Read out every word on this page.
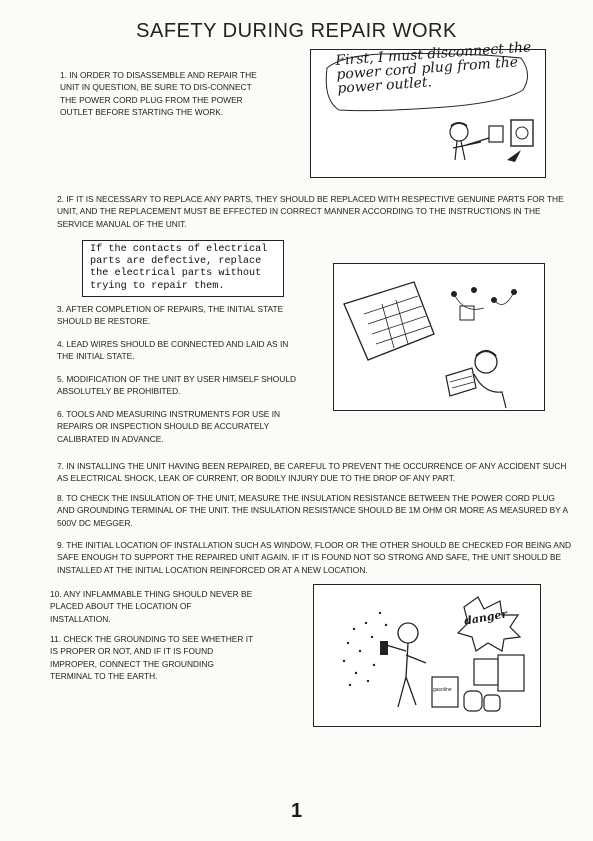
SAFETY DURING REPAIR WORK
1. IN ORDER TO DISASSEMBLE AND REPAIR THE UNIT IN QUESTION, BE SURE TO DIS-CONNECT THE POWER CORD PLUG FROM THE POWER OUTLET BEFORE STARTING THE WORK.
First, I must disconnect the power cord plug from the power outlet.
2. IF IT IS NECESSARY TO REPLACE ANY PARTS, THEY SHOULD BE REPLACED WITH RESPECTIVE GENUINE PARTS FOR THE UNIT, AND THE REPLACEMENT MUST BE EFFECTED IN CORRECT MANNER ACCORDING TO THE INSTRUCTIONS IN THE SERVICE MANUAL OF THE UNIT.
If the contacts of electrical parts are defective, replace the electrical parts without trying to repair them.
3. AFTER COMPLETION OF REPAIRS, THE INITIAL STATE SHOULD BE RESTORE.
4. LEAD WIRES SHOULD BE CONNECTED AND LAID AS IN THE INITIAL STATE.
5. MODIFICATION OF THE UNIT BY USER HIMSELF SHOULD ABSOLUTELY BE PROHIBITED.
6. TOOLS AND MEASURING INSTRUMENTS FOR USE IN REPAIRS OR INSPECTION SHOULD BE ACCURATELY CALIBRATED IN ADVANCE.
7. IN INSTALLING THE UNIT HAVING BEEN REPAIRED, BE CAREFUL TO PREVENT THE OCCURRENCE OF ANY ACCIDENT SUCH AS ELECTRICAL SHOCK, LEAK OF CURRENT, OR BODILY INJURY DUE TO THE DROP OF ANY PART.
8. TO CHECK THE INSULATION OF THE UNIT, MEASURE THE INSULATION RESISTANCE BETWEEN THE POWER CORD PLUG AND GROUNDING TERMINAL OF THE UNIT. THE INSULATION RESISTANCE SHOULD BE 1M OHM OR MORE AS MEASURED BY A 500V DC MEGGER.
9. THE INITIAL LOCATION OF INSTALLATION SUCH AS WINDOW, FLOOR OR THE OTHER SHOULD BE CHECKED FOR BEING AND SAFE ENOUGH TO SUPPORT THE REPAIRED UNIT AGAIN. IF IT IS FOUND NOT SO STRONG AND SAFE, THE UNIT SHOULD BE INSTALLED AT THE INITIAL LOCATION REINFORCED OR AT A NEW LOCATION.
10. ANY INFLAMMABLE THING SHOULD NEVER BE PLACED ABOUT THE LOCATION OF INSTALLATION.
11. CHECK THE GROUNDING TO SEE WHETHER IT IS PROPER OR NOT, AND IF IT IS FOUND IMPROPER, CONNECT THE GROUNDING TERMINAL TO THE EARTH.
danger
gasoline
1
